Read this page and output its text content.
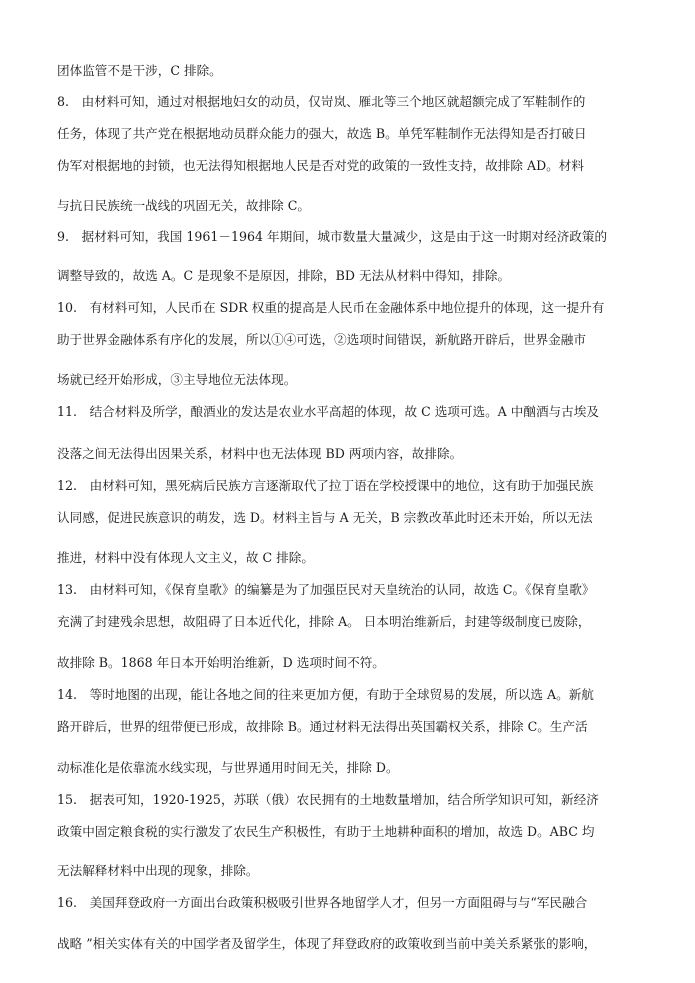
团体监管不是干涉，C 排除。
8.　由材料可知，通过对根据地妇女的动员，仅岢岚、雁北等三个地区就超额完成了军鞋制作的
任务，体现了共产党在根据地动员群众能力的强大，故选 B。单凭军鞋制作无法得知是否打破日
伪军对根据地的封锁，也无法得知根据地人民是否对党的政策的一致性支持，故排除 AD。材料
与抗日民族统一战线的巩固无关，故排除 C。
9.　据材料可知，我国 1961－1964 年期间，城市数量大量减少，这是由于这一时期对经济政策的
调整导致的，故选 A。C 是现象不是原因，排除，BD 无法从材料中得知，排除。
10.　有材料可知，人民币在 SDR 权重的提高是人民币在金融体系中地位提升的体现，这一提升有
助于世界金融体系有序化的发展，所以①④可选，②选项时间错误，新航路开辟后，世界金融市
场就已经开始形成，③主导地位无法体现。
11.　结合材料及所学，酿酒业的发达是农业水平高超的体现，故 C 选项可选。A 中酗酒与古埃及
没落之间无法得出因果关系，材料中也无法体现 BD 两项内容，故排除。
12.　由材料可知，黑死病后民族方言逐渐取代了拉丁语在学校授课中的地位，这有助于加强民族
认同感，促进民族意识的萌发，选 D。材料主旨与 A 无关，B 宗教改革此时还未开始，所以无法
推进，材料中没有体现人文主义，故 C 排除。
13.　由材料可知，《保育皇歌》的编纂是为了加强臣民对天皇统治的认同，故选 C。《保育皇歌》
充满了封建残余思想，故阻碍了日本近代化，排除 A。 日本明治维新后，封建等级制度已废除，
故排除 B。1868 年日本开始明治维新，D 选项时间不符。
14.　等时地图的出现，能让各地之间的往来更加方便，有助于全球贸易的发展，所以选 A。新航
路开辟后，世界的纽带便已形成，故排除 B。通过材料无法得出英国霸权关系，排除 C。生产活
动标准化是依靠流水线实现，与世界通用时间无关，排除 D。
15.　据表可知，1920-1925，苏联（俄）农民拥有的土地数量增加，结合所学知识可知，新经济
政策中固定粮食税的实行激发了农民生产积极性，有助于土地耕种面积的增加，故选 D。ABC 均
无法解释材料中出现的现象，排除。
16.　美国拜登政府一方面出台政策积极吸引世界各地留学人才，但另一方面阻碍与与“军民融合
战略 ”相关实体有关的中国学者及留学生，体现了拜登政府的政策收到当前中美关系紧张的影响，
